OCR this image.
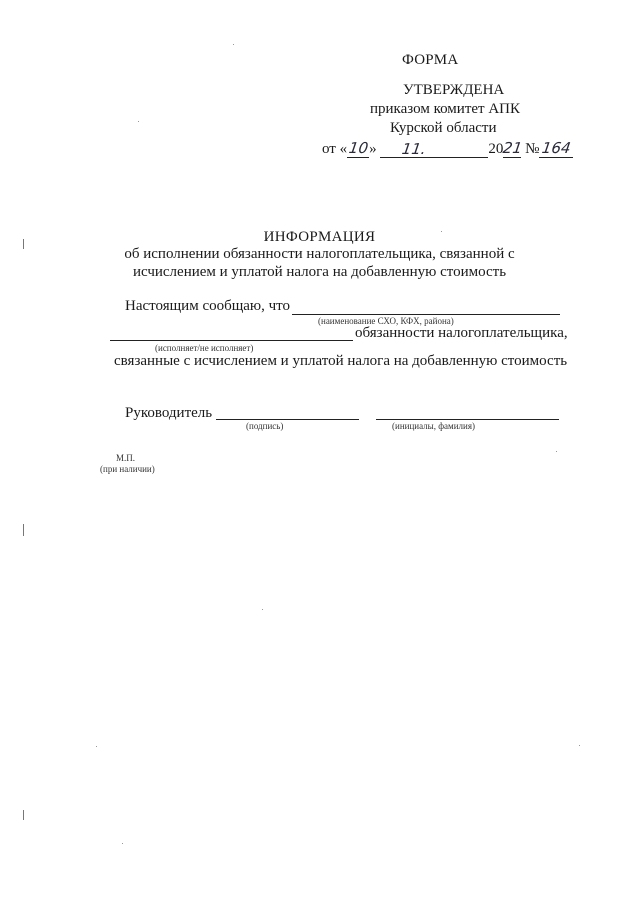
ФОРМА
УТВЕРЖДЕНА
приказом комитет АПК
Курской области
от «10» 11.	2021 №164
ИНФОРМАЦИЯ
об исполнении обязанности налогоплательщика, связанной с
исчислением и уплатой налога на добавленную стоимость
Настоящим сообщаю, что
(наименование СХО, КФХ, района)
обязанности налогоплательщика,
(исполняет/не исполняет)
связанные с исчислением и уплатой налога на добавленную стоимость
Руководитель
(подпись)	(инициалы, фамилия)
М.П.
(при наличии)
